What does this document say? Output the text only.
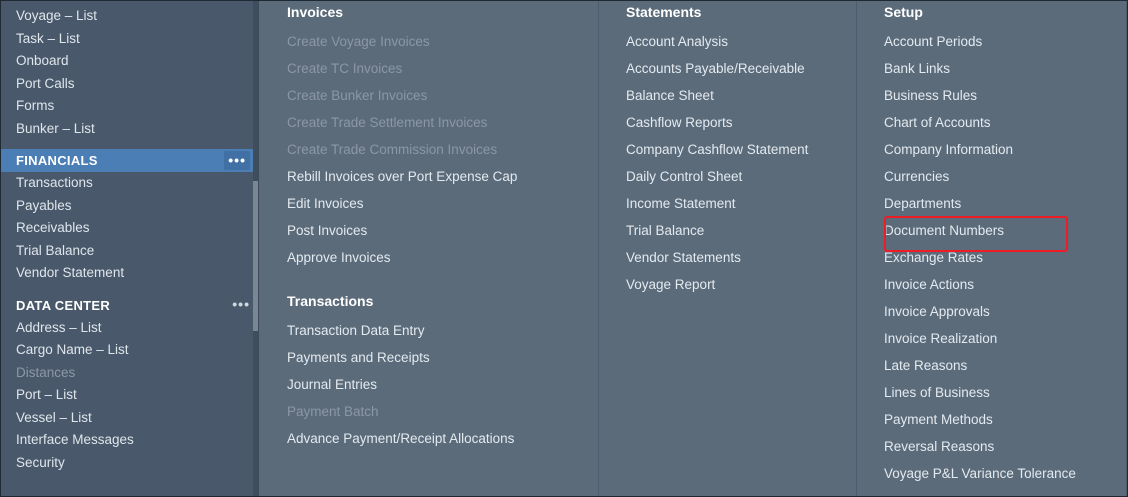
Voyage – List
Task – List
Onboard
Port Calls
Forms
Bunker – List
FINANCIALS	•••
Transactions
Payables
Receivables
Trial Balance
Vendor Statement
DATA CENTER	•••
Address – List
Cargo Name – List
Distances
Port – List
Vessel – List
Interface Messages
Security
Invoices
Create Voyage Invoices
Create TC Invoices
Create Bunker Invoices
Create Trade Settlement Invoices
Create Trade Commission Invoices
Rebill Invoices over Port Expense Cap
Edit Invoices
Post Invoices
Approve Invoices
Transactions
Transaction Data Entry
Payments and Receipts
Journal Entries
Payment Batch
Advance Payment/Receipt Allocations
Statements
Account Analysis
Accounts Payable/Receivable
Balance Sheet
Cashflow Reports
Company Cashflow Statement
Daily Control Sheet
Income Statement
Trial Balance
Vendor Statements
Voyage Report
Setup
Account Periods
Bank Links
Business Rules
Chart of Accounts
Company Information
Currencies
Departments
Document Numbers
Exchange Rates
Invoice Actions
Invoice Approvals
Invoice Realization
Late Reasons
Lines of Business
Payment Methods
Reversal Reasons
Voyage P&L Variance Tolerance
